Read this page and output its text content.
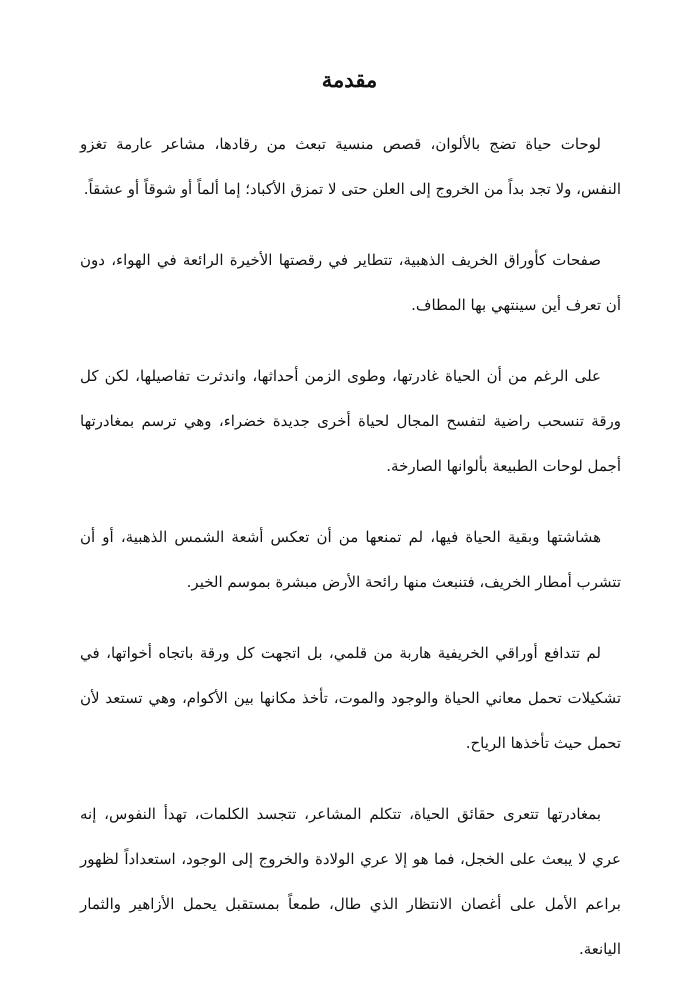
مقدمة

لوحات حياة تضج بالألوان، قصص منسية تبعث من رقادها، مشاعر عارمة تغزو النفس، ولا تجد بداً من الخروج إلى العلن حتى لا تمزق الأكباد؛ إما ألماً أو شوقاً أو عشقاً.

صفحات كأوراق الخريف الذهبية، تتطاير في رقصتها الأخيرة الرائعة في الهواء، دون أن تعرف أين سينتهي بها المطاف.

على الرغم من أن الحياة غادرتها، وطوى الزمن أحداثها، واندثرت تفاصيلها، لكن كل ورقة تنسحب راضية لتفسح المجال لحياة أخرى جديدة خضراء، وهي ترسم بمغادرتها أجمل لوحات الطبيعة بألوانها الصارخة.

هشاشتها وبقية الحياة فيها، لم تمنعها من أن تعكس أشعة الشمس الذهبية، أو أن تتشرب أمطار الخريف، فتنبعث منها رائحة الأرض مبشرة بموسم الخير.

لم تتدافع أوراقي الخريفية هاربة من قلمي، بل اتجهت كل ورقة باتجاه أخواتها، في تشكيلات تحمل معاني الحياة والوجود والموت، تأخذ مكانها بين الأكوام، وهي تستعد لأن تحمل حيث تأخذها الرياح.

بمغادرتها تتعرى حقائق الحياة، تتكلم المشاعر، تتجسد الكلمات، تهدأ النفوس، إنه عري لا يبعث على الخجل، فما هو إلا عري الولادة والخروج إلى الوجود، استعداداً لظهور براعم الأمل على أغصان الانتظار الذي طال، طمعاً بمستقبل يحمل الأزاهير والثمار اليانعة.
